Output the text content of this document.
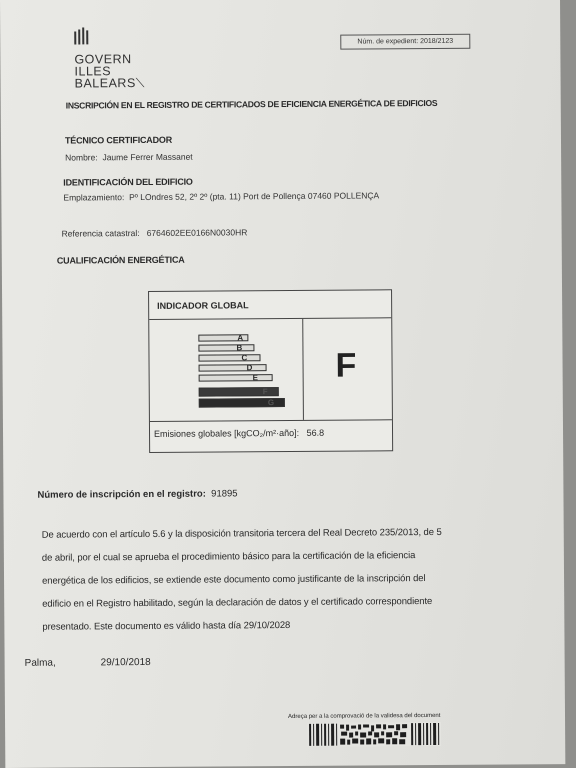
GOVERN
ILLES
BALEARS⟍
Núm. de expedient: 2018/2123
INSCRIPCIÓN EN EL REGISTRO DE CERTIFICADOS DE EFICIENCIA ENERGÉTICA DE EDIFICIOS
TÉCNICO CERTIFICADOR
Nombre: Jaume Ferrer Massanet
IDENTIFICACIÓN DEL EDIFICIO
Emplazamiento: Pº LOndres 52, 2º 2º (pta. 11) Port de Pollença 07460 POLLENÇA
Referencia catastral: 6764602EE0166N0030HR
CUALIFICACIÓN ENERGÉTICA
INDICADOR GLOBAL
A
B
C
D
E
F
G
F
Emisiones globales [kgCO₂/m²·año]: 56.8
Número de inscripción en el registro: 91895
De acuerdo con el artículo 5.6 y la disposición transitoria tercera del Real Decreto 235/2013, de 5
de abril, por el cual se aprueba el procedimiento básico para la certificación de la eficiencia
energética de los edificios, se extiende este documento como justificante de la inscripción del
edificio en el Registro habilitado, según la declaración de datos y el certificado correspondiente
presentado. Este documento es válido hasta día 29/10/2028
Palma,	29/10/2018
Adreça per a la comprovació de la validesa del document
